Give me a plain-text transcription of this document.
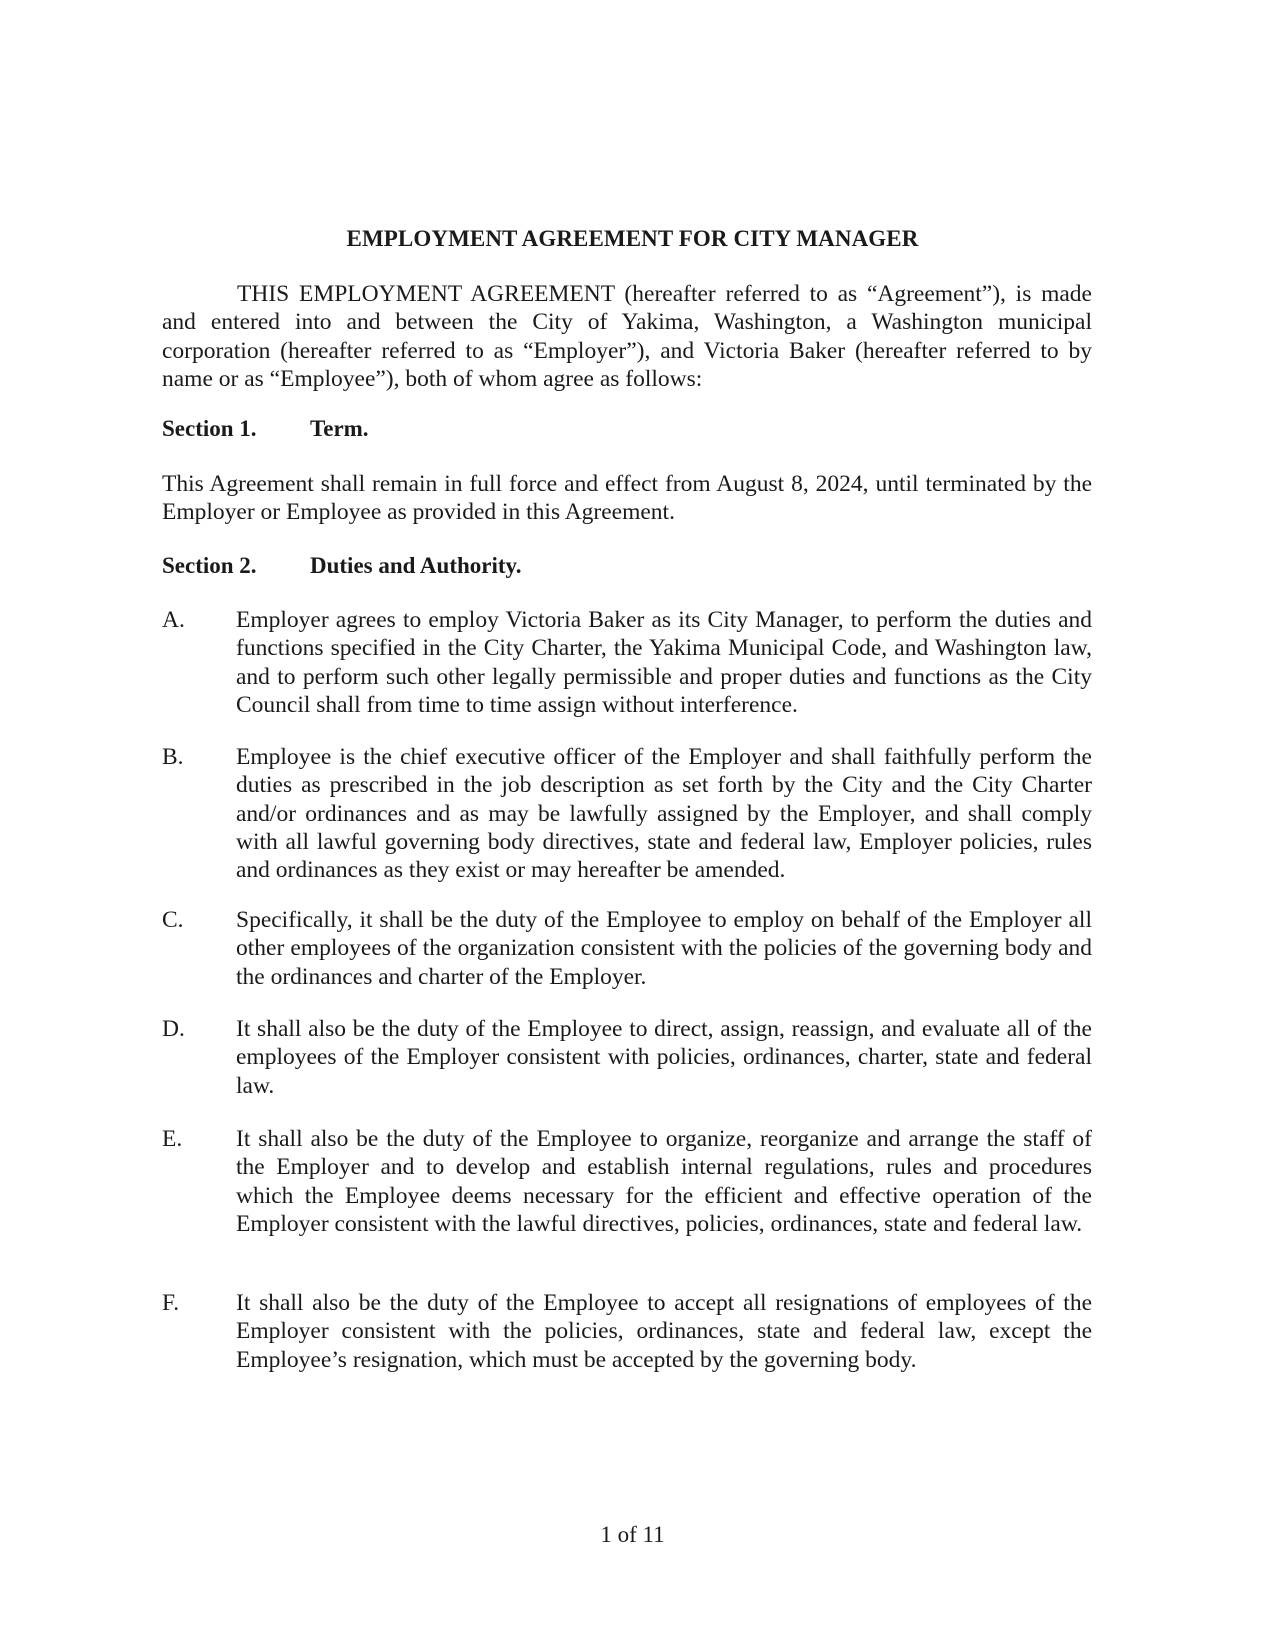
EMPLOYMENT AGREEMENT FOR CITY MANAGER
THIS EMPLOYMENT AGREEMENT (hereafter referred to as “Agreement”), is made and entered into and between the City of Yakima, Washington, a Washington municipal corporation (hereafter referred to as “Employer”), and Victoria Baker (hereafter referred to by name or as “Employee”), both of whom agree as follows:
Section 1. Term.
This Agreement shall remain in full force and effect from August 8, 2024, until terminated by the Employer or Employee as provided in this Agreement.
Section 2. Duties and Authority.
A. Employer agrees to employ Victoria Baker as its City Manager, to perform the duties and functions specified in the City Charter, the Yakima Municipal Code, and Washington law, and to perform such other legally permissible and proper duties and functions as the City Council shall from time to time assign without interference.
B. Employee is the chief executive officer of the Employer and shall faithfully perform the duties as prescribed in the job description as set forth by the City and the City Charter and/or ordinances and as may be lawfully assigned by the Employer, and shall comply with all lawful governing body directives, state and federal law, Employer policies, rules and ordinances as they exist or may hereafter be amended.
C. Specifically, it shall be the duty of the Employee to employ on behalf of the Employer all other employees of the organization consistent with the policies of the governing body and the ordinances and charter of the Employer.
D. It shall also be the duty of the Employee to direct, assign, reassign, and evaluate all of the employees of the Employer consistent with policies, ordinances, charter, state and federal law.
E. It shall also be the duty of the Employee to organize, reorganize and arrange the staff of the Employer and to develop and establish internal regulations, rules and procedures which the Employee deems necessary for the efficient and effective operation of the Employer consistent with the lawful directives, policies, ordinances, state and federal law.
F. It shall also be the duty of the Employee to accept all resignations of employees of the Employer consistent with the policies, ordinances, state and federal law, except the Employee’s resignation, which must be accepted by the governing body.
1 of 11
